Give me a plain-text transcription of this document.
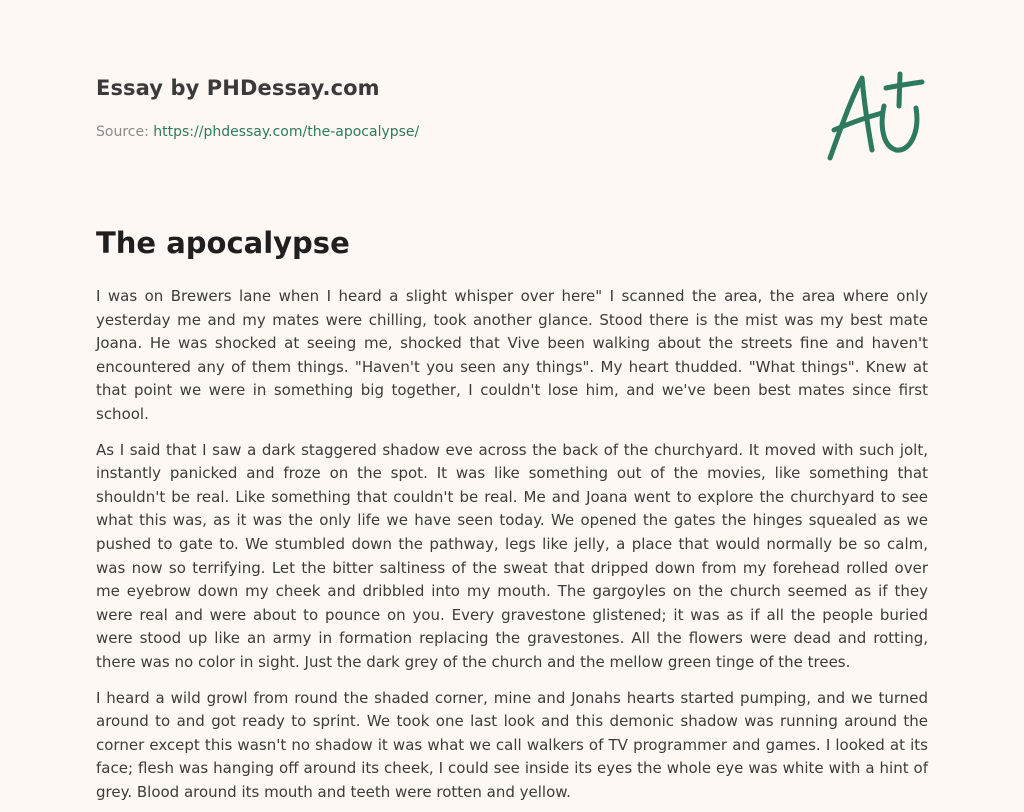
Essay by PHDessay.com
Source: https://phdessay.com/the-apocalypse/
The apocalypse

I was on Brewers lane when I heard a slight whisper over here" I scanned the area, the area where only yesterday me and my mates were chilling, took another glance. Stood there is the mist was my best mate Joana. He was shocked at seeing me, shocked that Vive been walking about the streets fine and haven't encountered any of them things. "Haven't you seen any things". My heart thudded. "What things". Knew at that point we were in something big together, I couldn't lose him, and we've been best mates since first school.

As I said that I saw a dark staggered shadow eve across the back of the churchyard. It moved with such jolt, instantly panicked and froze on the spot. It was like something out of the movies, like something that shouldn't be real. Like something that couldn't be real. Me and Joana went to explore the churchyard to see what this was, as it was the only life we have seen today. We opened the gates the hinges squealed as we pushed to gate to. We stumbled down the pathway, legs like jelly, a place that would normally be so calm, was now so terrifying. Let the bitter saltiness of the sweat that dripped down from my forehead rolled over me eyebrow down my cheek and dribbled into my mouth. The gargoyles on the church seemed as if they were real and were about to pounce on you. Every gravestone glistened; it was as if all the people buried were stood up like an army in formation replacing the gravestones. All the flowers were dead and rotting, there was no color in sight. Just the dark grey of the church and the mellow green tinge of the trees.

I heard a wild growl from round the shaded corner, mine and Jonahs hearts started pumping, and we turned around to and got ready to sprint. We took one last look and this demonic shadow was running around the corner except this wasn't no shadow it was what we call walkers of TV programmer and games. I looked at its face; flesh was hanging off around its cheek, I could see inside its eyes the whole eye was white with a hint of grey. Blood around its mouth and teeth were rotten and yellow.
